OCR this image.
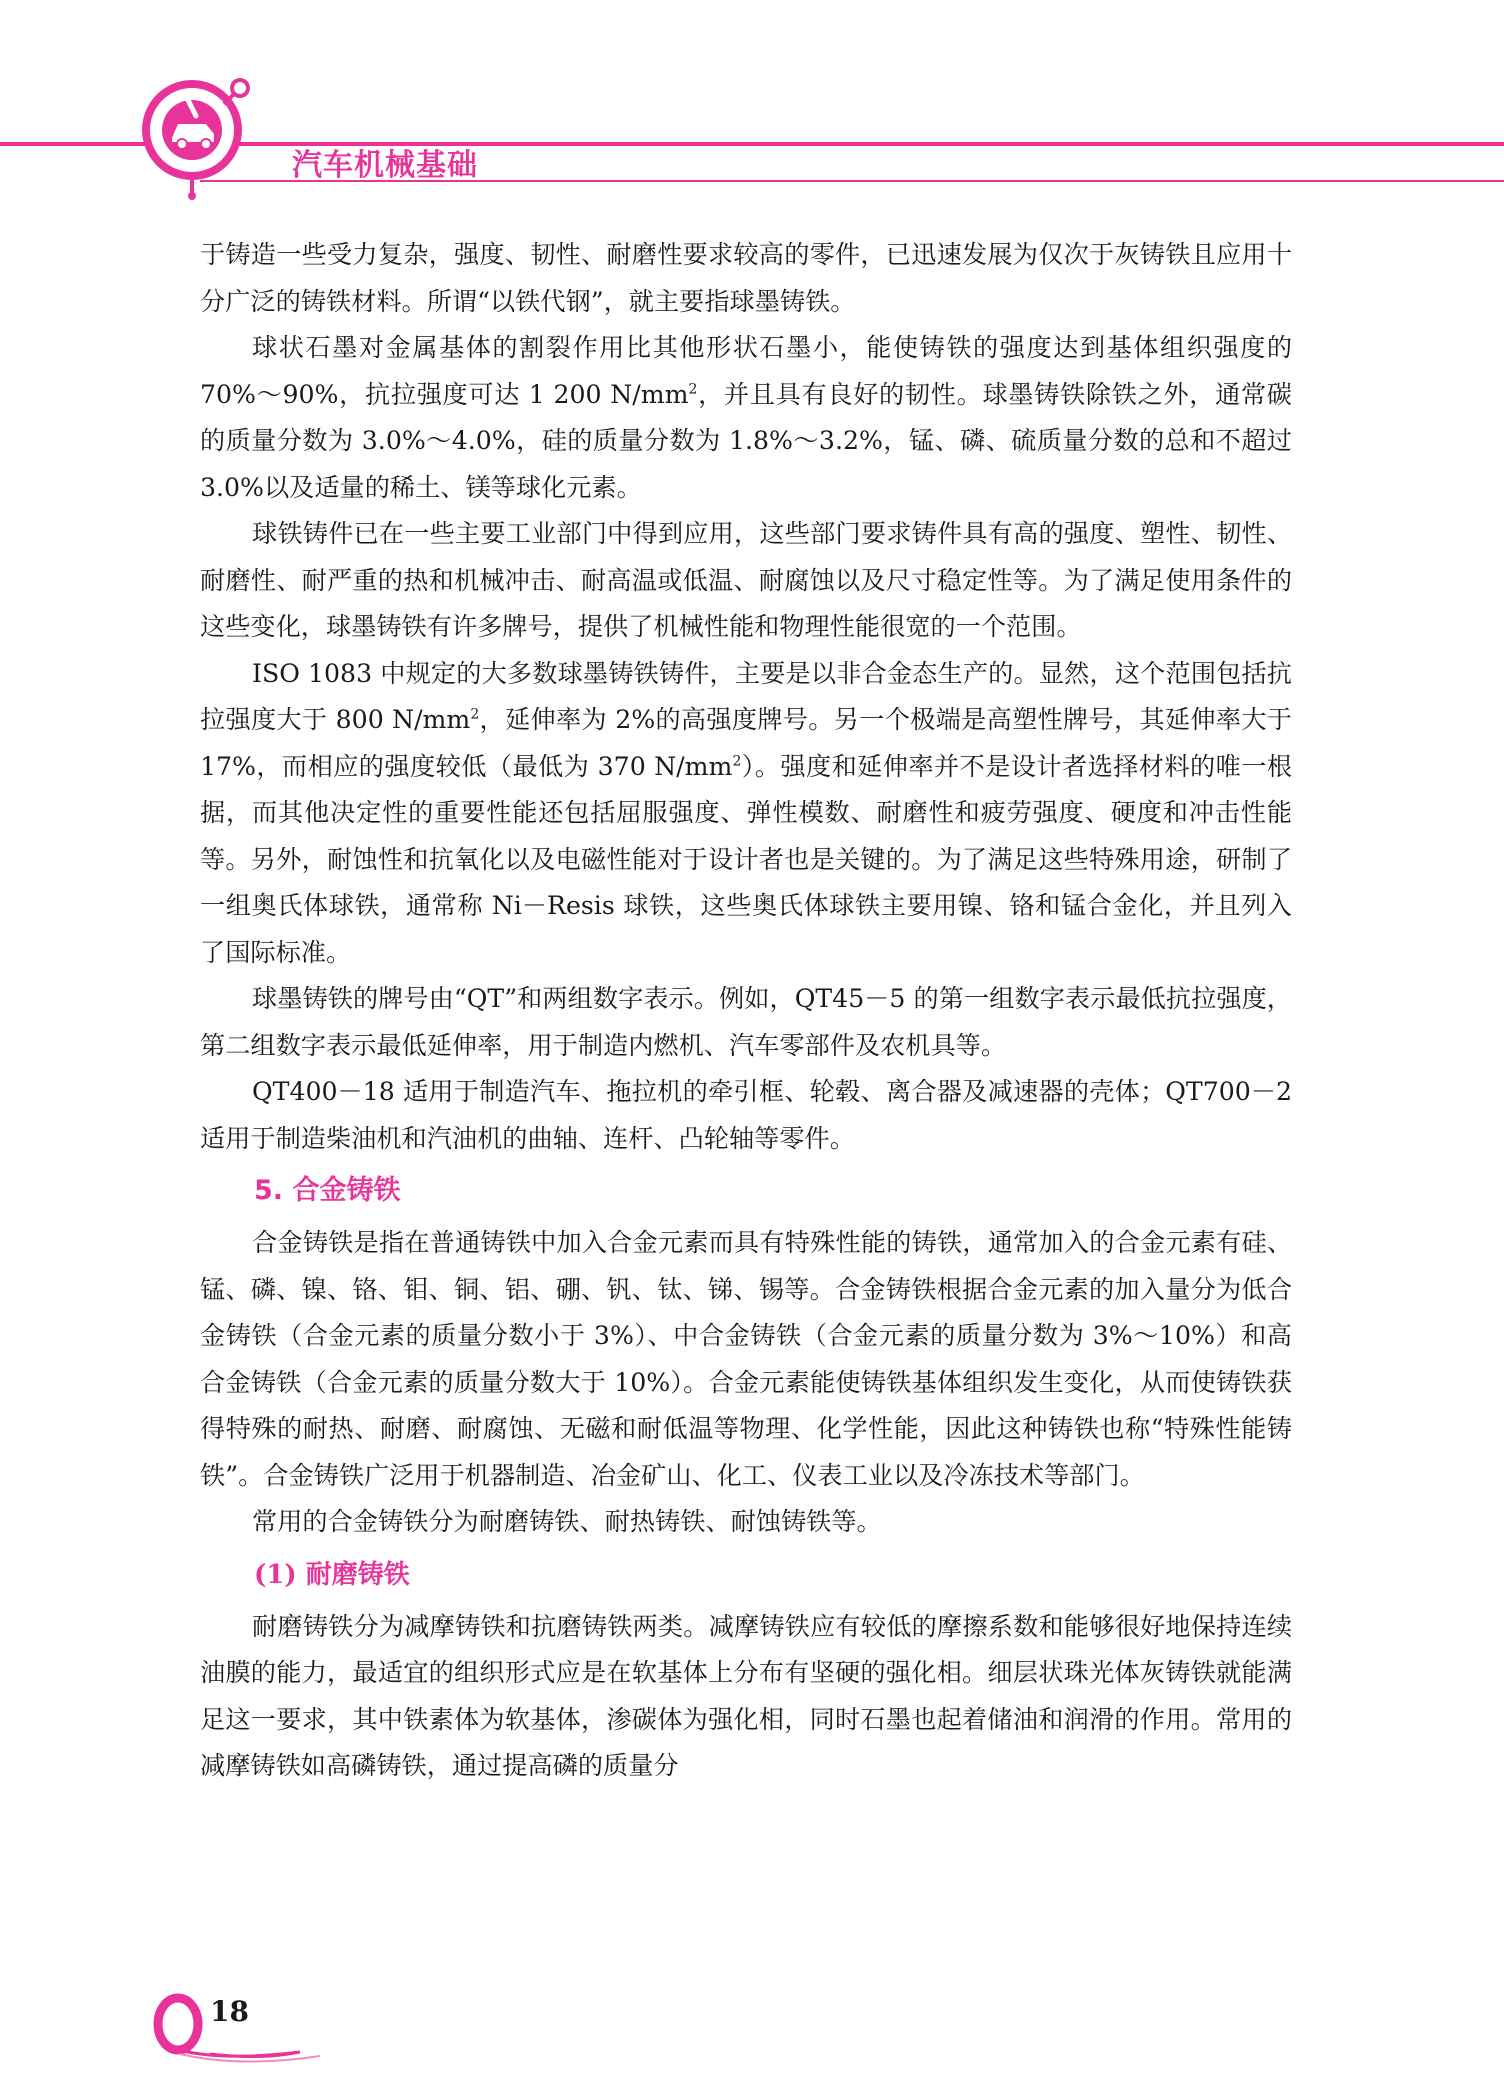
汽车机械基础

于铸造一些受力复杂，强度、韧性、耐磨性要求较高的零件，已迅速发展为仅次于灰铸铁且应用十分广泛的铸铁材料。所谓“以铁代钢”，就主要指球墨铸铁。

球状石墨对金属基体的割裂作用比其他形状石墨小，能使铸铁的强度达到基体组织强度的 70%～90%，抗拉强度可达 1 200 $N/mm^2$，并且具有良好的韧性。球墨铸铁除铁之外，通常碳的质量分数为 3.0%～4.0%，硅的质量分数为 1.8%～3.2%，锰、磷、硫质量分数的总和不超过 3.0%以及适量的稀土、镁等球化元素。

球铁铸件已在一些主要工业部门中得到应用，这些部门要求铸件具有高的强度、塑性、韧性、耐磨性、耐严重的热和机械冲击、耐高温或低温、耐腐蚀以及尺寸稳定性等。为了满足使用条件的这些变化，球墨铸铁有许多牌号，提供了机械性能和物理性能很宽的一个范围。

ISO 1083 中规定的大多数球墨铸铁铸件，主要是以非合金态生产的。显然，这个范围包括抗拉强度大于 800 $N/mm^2$，延伸率为 2%的高强度牌号。另一个极端是高塑性牌号，其延伸率大于 17%，而相应的强度较低（最低为 370 $N/mm^2$）。强度和延伸率并不是设计者选择材料的唯一根据，而其他决定性的重要性能还包括屈服强度、弹性模数、耐磨性和疲劳强度、硬度和冲击性能等。另外，耐蚀性和抗氧化以及电磁性能对于设计者也是关键的。为了满足这些特殊用途，研制了一组奥氏体球铁，通常称 Ni－Resis 球铁，这些奥氏体球铁主要用镍、铬和锰合金化，并且列入了国际标准。

球墨铸铁的牌号由“QT”和两组数字表示。例如，QT45－5 的第一组数字表示最低抗拉强度，第二组数字表示最低延伸率，用于制造内燃机、汽车零部件及农机具等。

QT400－18 适用于制造汽车、拖拉机的牵引框、轮毂、离合器及减速器的壳体；QT700－2 适用于制造柴油机和汽油机的曲轴、连杆、凸轮轴等零件。

5. 合金铸铁

合金铸铁是指在普通铸铁中加入合金元素而具有特殊性能的铸铁，通常加入的合金元素有硅、锰、磷、镍、铬、钼、铜、铝、硼、钒、钛、锑、锡等。合金铸铁根据合金元素的加入量分为低合金铸铁（合金元素的质量分数小于 3%）、中合金铸铁（合金元素的质量分数为 3%～10%）和高合金铸铁（合金元素的质量分数大于 10%）。合金元素能使铸铁基体组织发生变化，从而使铸铁获得特殊的耐热、耐磨、耐腐蚀、无磁和耐低温等物理、化学性能，因此这种铸铁也称“特殊性能铸铁”。合金铸铁广泛用于机器制造、冶金矿山、化工、仪表工业以及冷冻技术等部门。

常用的合金铸铁分为耐磨铸铁、耐热铸铁、耐蚀铸铁等。

(1) 耐磨铸铁

耐磨铸铁分为减摩铸铁和抗磨铸铁两类。减摩铸铁应有较低的摩擦系数和能够很好地保持连续油膜的能力，最适宜的组织形式应是在软基体上分布有坚硬的强化相。细层状珠光体灰铸铁就能满足这一要求，其中铁素体为软基体，渗碳体为强化相，同时石墨也起着储油和润滑的作用。常用的减摩铸铁如高磷铸铁，通过提高磷的质量分

18
